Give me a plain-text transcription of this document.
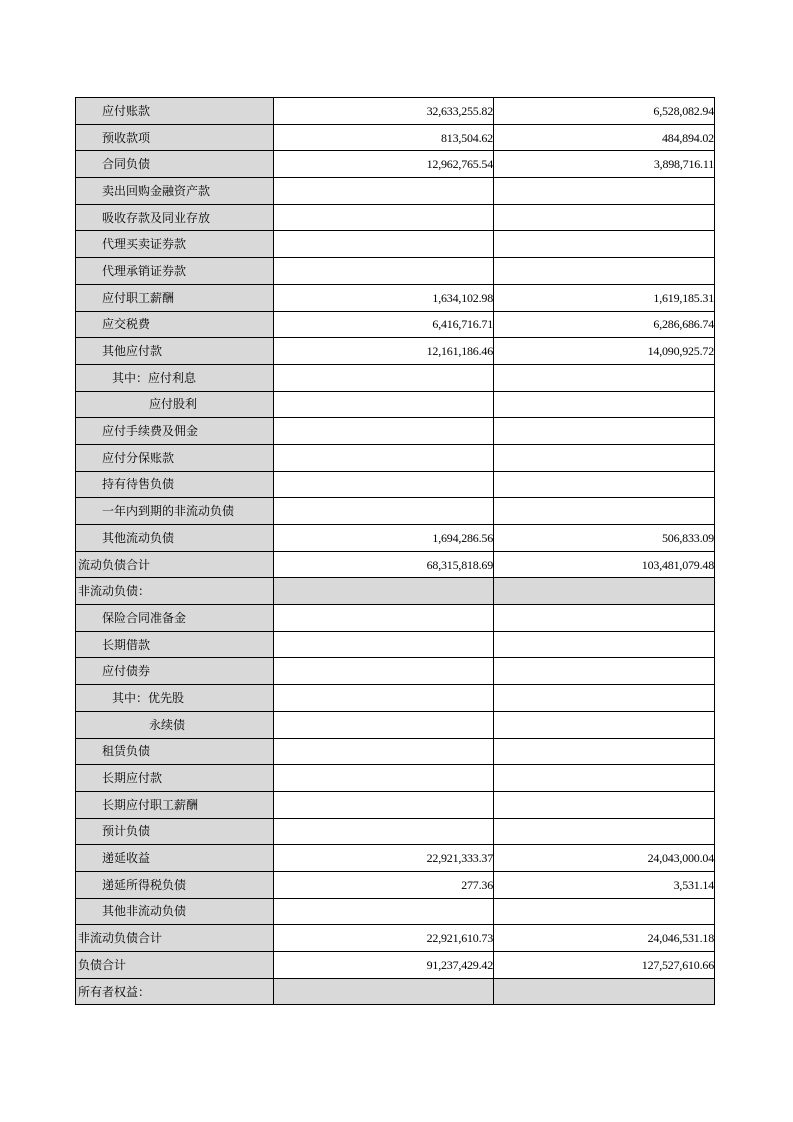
应付账款	32,633,255.82	6,528,082.94
预收款项	813,504.62	484,894.02
合同负债	12,962,765.54	3,898,716.11
卖出回购金融资产款		
吸收存款及同业存放		
代理买卖证券款		
代理承销证券款		
应付职工薪酬	1,634,102.98	1,619,185.31
应交税费	6,416,716.71	6,286,686.74
其他应付款	12,161,186.46	14,090,925.72
其中：应付利息		
应付股利		
应付手续费及佣金		
应付分保账款		
持有待售负债		
一年内到期的非流动负债		
其他流动负债	1,694,286.56	506,833.09
流动负债合计	68,315,818.69	103,481,079.48
非流动负债：		
保险合同准备金		
长期借款		
应付债券		
其中：优先股		
永续债		
租赁负债		
长期应付款		
长期应付职工薪酬		
预计负债		
递延收益	22,921,333.37	24,043,000.04
递延所得税负债	277.36	3,531.14
其他非流动负债		
非流动负债合计	22,921,610.73	24,046,531.18
负债合计	91,237,429.42	127,527,610.66
所有者权益：		
